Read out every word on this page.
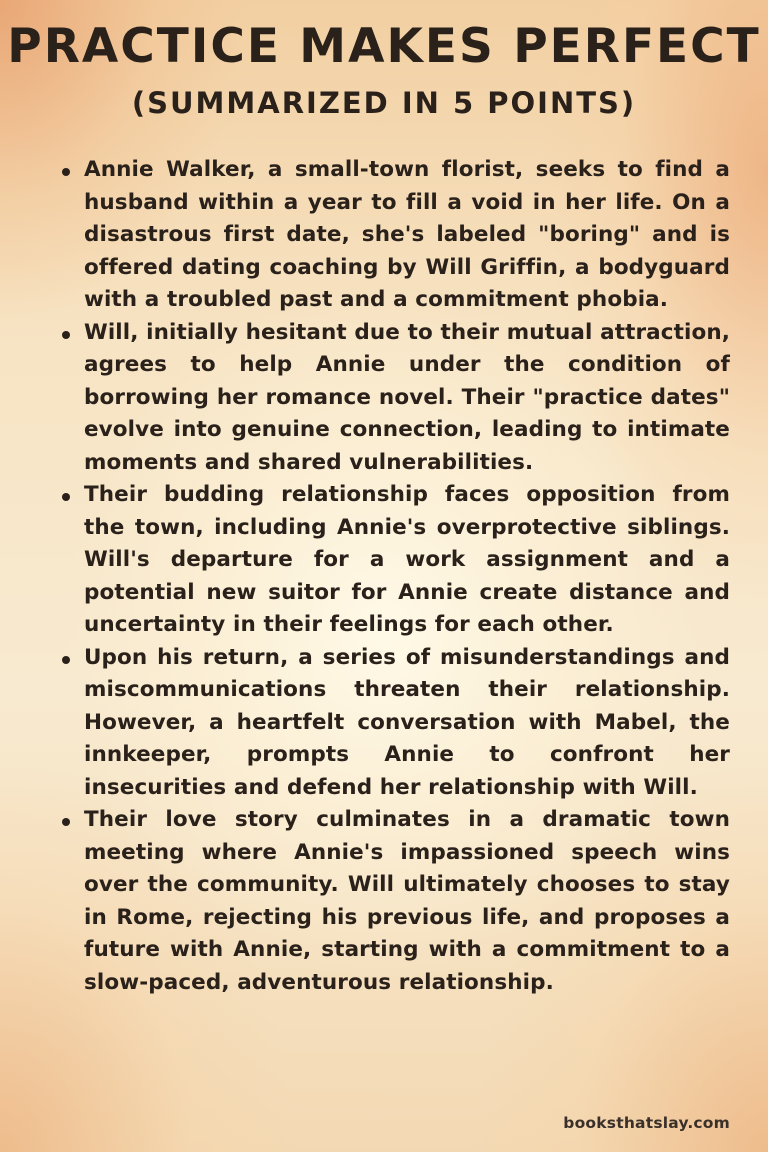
PRACTICE MAKES PERFECT
(SUMMARIZED IN 5 POINTS)
Annie Walker, a small-town florist, seeks to find a husband within a year to fill a void in her life. On a disastrous first date, she's labeled "boring" and is offered dating coaching by Will Griffin, a bodyguard with a troubled past and a commitment phobia.
Will, initially hesitant due to their mutual attraction, agrees to help Annie under the condition of borrowing her romance novel. Their "practice dates" evolve into genuine connection, leading to intimate moments and shared vulnerabilities.
Their budding relationship faces opposition from the town, including Annie's overprotective siblings. Will's departure for a work assignment and a potential new suitor for Annie create distance and uncertainty in their feelings for each other.
Upon his return, a series of misunderstandings and miscommunications threaten their relationship. However, a heartfelt conversation with Mabel, the innkeeper, prompts Annie to confront her insecurities and defend her relationship with Will.
Their love story culminates in a dramatic town meeting where Annie's impassioned speech wins over the community. Will ultimately chooses to stay in Rome, rejecting his previous life, and proposes a future with Annie, starting with a commitment to a slow-paced, adventurous relationship.
booksthatslay.com
